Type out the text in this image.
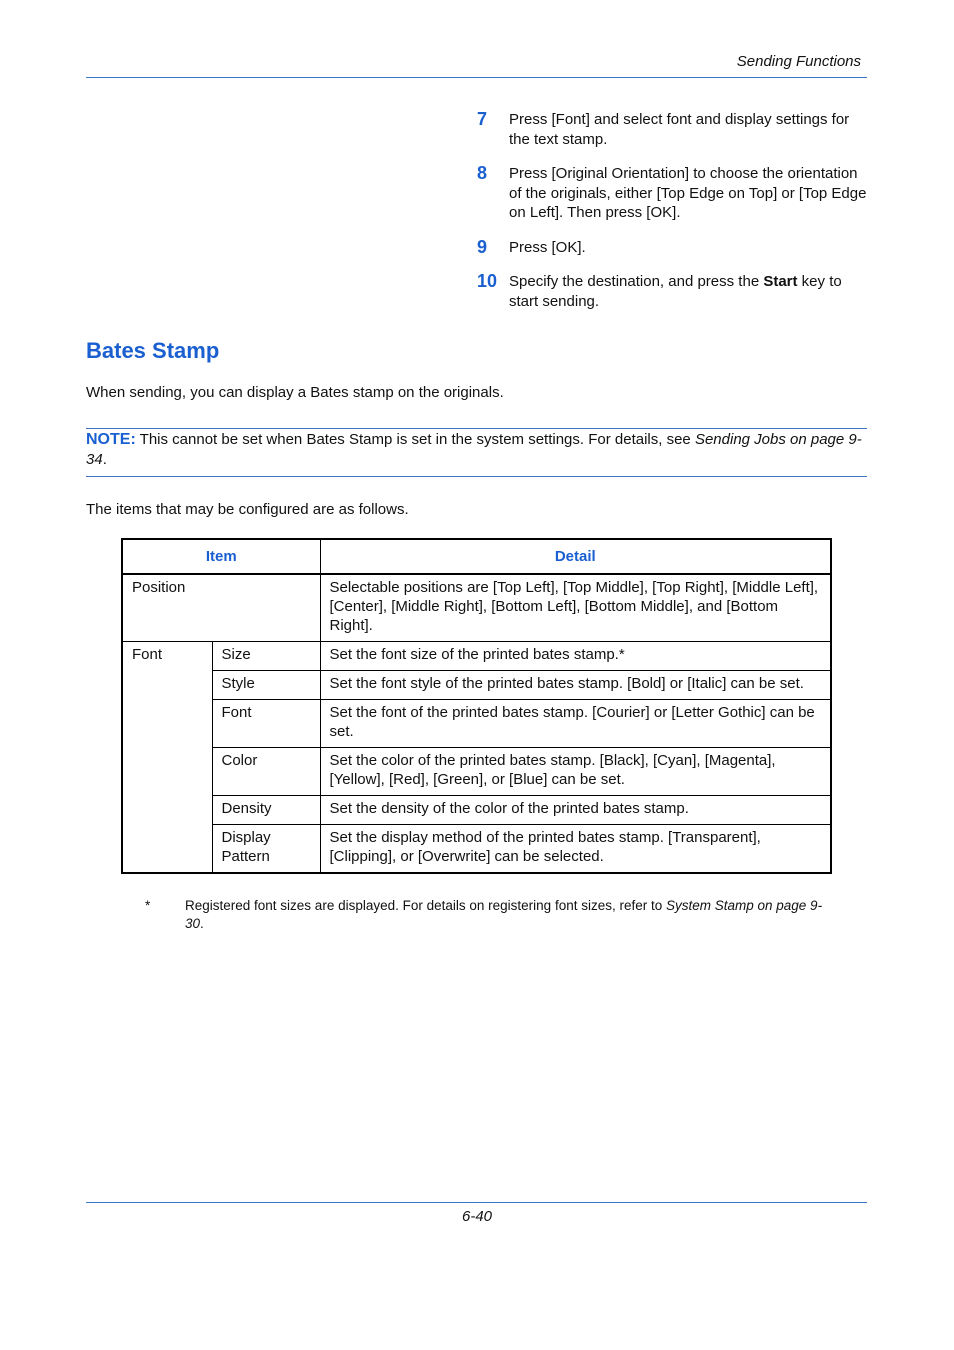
Sending Functions
7	Press [Font] and select font and display settings for the text stamp.
8	Press [Original Orientation] to choose the orientation of the originals, either [Top Edge on Top] or [Top Edge on Left]. Then press [OK].
9	Press [OK].
10 Specify the destination, and press the Start key to start sending.
Bates Stamp

When sending, you can display a Bates stamp on the originals.

NOTE: This cannot be set when Bates Stamp is set in the system settings. For details, see Sending Jobs on page 9-34.

The items that may be configured are as follows.

Item		Detail
Position		Selectable positions are [Top Left], [Top Middle], [Top Right], [Middle Left], [Center], [Middle Right], [Bottom Left], [Bottom Middle], and [Bottom Right].
Font	Size	Set the font size of the printed bates stamp.*
	Style	Set the font style of the printed bates stamp. [Bold] or [Italic] can be set.
	Font	Set the font of the printed bates stamp. [Courier] or [Letter Gothic] can be set.
	Color	Set the color of the printed bates stamp. [Black], [Cyan], [Magenta], [Yellow], [Red], [Green], or [Blue] can be set.
	Density	Set the density of the color of the printed bates stamp.
	Display Pattern	Set the display method of the printed bates stamp. [Transparent], [Clipping], or [Overwrite] can be selected.
*	Registered font sizes are displayed. For details on registering font sizes, refer to System Stamp on page 9-30.
6-40
